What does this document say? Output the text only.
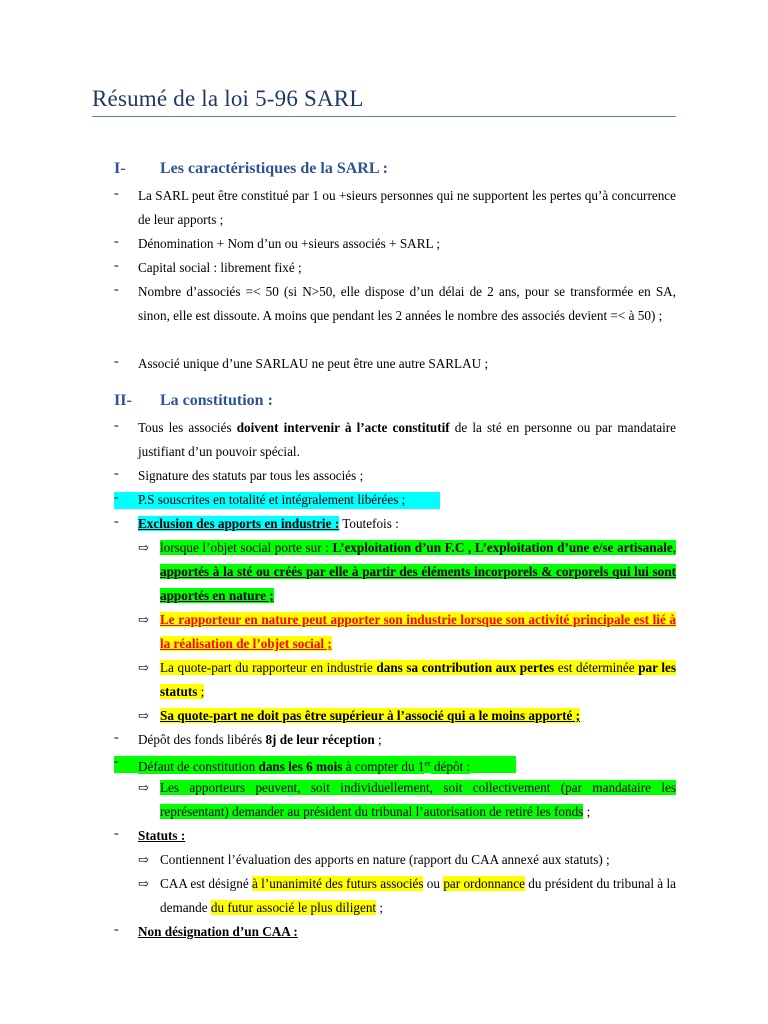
Résumé de la loi 5-96 SARL
I- Les caractéristiques de la SARL :
- La SARL peut être constitué par 1 ou +sieurs personnes qui ne supportent les pertes qu’à concurrence de leur apports ;
- Dénomination + Nom d’un ou +sieurs associés + SARL ;
- Capital social : librement fixé ;
- Nombre d’associés =< 50 (si N>50, elle dispose d’un délai de 2 ans, pour se transformée en SA, sinon, elle est dissoute. A moins que pendant les 2 années le nombre des associés devient =< à 50) ;
- Associé unique d’une SARLAU ne peut être une autre SARLAU ;
II- La constitution :
- Tous les associés doivent intervenir à l’acte constitutif de la sté en personne ou par mandataire justifiant d’un pouvoir spécial.
- Signature des statuts par tous les associés ;
- P.S souscrites en totalité et intégralement libérées ;
- Exclusion des apports en industrie : Toutefois :
⇨ lorsque l’objet social porte sur : L’exploitation d’un F.C , L’exploitation d’une e/se artisanale, apportés à la sté ou créés par elle à partir des éléments incorporels & corporels qui lui sont apportés en nature ;
⇨ Le rapporteur en nature peut apporter son industrie lorsque son activité principale est lié à la réalisation de l’objet social ;
⇨ La quote-part du rapporteur en industrie dans sa contribution aux pertes est déterminée par les statuts ;
⇨ Sa quote-part ne doit pas être supérieur à l’associé qui a le moins apporté ;
- Dépôt des fonds libérés 8j de leur réception ;
- Défaut de constitution dans les 6 mois à compter du 1er dépôt :
⇨ Les apporteurs peuvent, soit individuellement, soit collectivement (par mandataire les représentant) demander au président du tribunal l’autorisation de retiré les fonds ;
- Statuts :
⇨ Contiennent l’évaluation des apports en nature (rapport du CAA annexé aux statuts) ;
⇨ CAA est désigné à l’unanimité des futurs associés ou par ordonnance du président du tribunal à la demande du futur associé le plus diligent ;
- Non désignation d’un CAA :
